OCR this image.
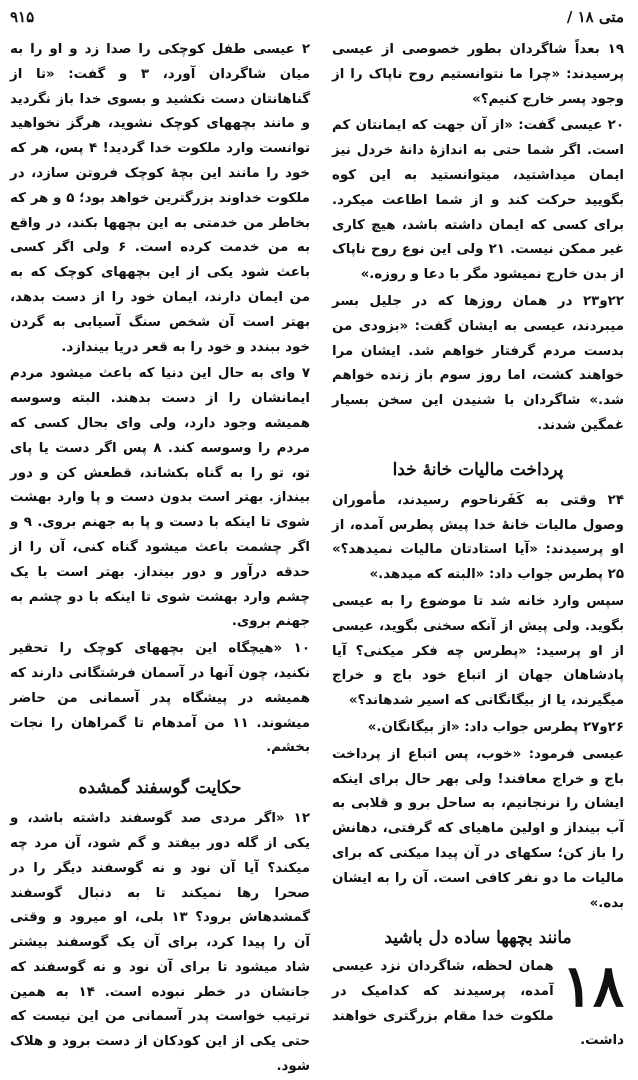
۹۱۵	متی ۱۸ /

۱۹ بعداً شاگردان بطور خصوصی از عیسی پرسیدند: «چرا ما نتوانستیم روح ناپاک را از وجود پسر خارج کنیم؟»

۲۰ عیسی گفت: «از آن جهت که ایمانتان کم است. اگر شما حتی به اندازهٔ دانهٔ خردل نیز ایمان میداشتید، میتوانستید به این کوه بگویید حرکت کند و از شما اطاعت میکرد. برای کسی که ایمان داشته باشد، هیچ کاری غیر ممکن نیست. ۲۱ ولی این نوع روح ناپاک از بدن خارج نمیشود مگر با دعا و روزه.»

۲۲و۲۳ در همان روزها که در جلیل بسر میبردند، عیسی به ایشان گفت: «بزودی من بدست مردم گرفتار خواهم شد. ایشان مرا خواهند کشت، اما روز سوم باز زنده خواهم شد.» شاگردان با شنیدن این سخن بسیار غمگین شدند.

پرداخت مالیات خانهٔ خدا

۲۴ وقتی به کَفَرناحوم رسیدند، مأموران وصول مالیات خانهٔ خدا پیش پطرس آمده، از او پرسیدند: «آیا استادتان مالیات نمیدهد؟» ۲۵ پطرس جواب داد: «البته که میدهد.»

سپس وارد خانه شد تا موضوع را به عیسی بگوید. ولی پیش از آنکه سخنی بگوید، عیسی از او پرسید: «پطرس چه فکر میکنی؟ آیا پادشاهان جهان از اتباع خود باج و خراج میگیرند، یا از بیگانگانی که اسیر شدهاند؟»

۲۶و۲۷ پطرس جواب داد: «از بیگانگان.»

عیسی فرمود: «خوب، پس اتباع از پرداخت باج و خراج معافند! ولی بهر حال برای اینکه ایشان را نرنجانیم، به ساحل برو و قلابی به آب بینداز و اولین ماهیای که گرفتی، دهانش را باز کن؛ سکهای در آن پیدا میکنی که برای مالیات ما دو نفر کافی است. آن را به ایشان بده.»

مانند بچهها ساده دل باشید
۱۸

همان لحظه، شاگردان نزد عیسی آمده، پرسیدند که کدامیک در ملکوت خدا مقام بزرگتری خواهند داشت.

۲ عیسی طفل کوچکی را صدا زد و او را به میان شاگردان آورد، ۳ و گفت: «تا از گناهانتان دست نکشید و بسوی خدا باز نگردید و مانند بچههای کوچک نشوید، هرگز نخواهید توانست وارد ملکوت خدا گردید! ۴ پس، هر که خود را مانند این بچهٔ کوچک فروتن سازد، در ملکوت خداوند بزرگترین خواهد بود؛ ۵ و هر که بخاطر من خدمتی به این بچهها بکند، در واقع به من خدمت کرده است. ۶ ولی اگر کسی باعث شود یکی از این بچههای کوچک که به من ایمان دارند، ایمان خود را از دست بدهد، بهتر است آن شخص سنگ آسیابی به گردن خود ببندد و خود را به قعر دریا بیندازد.

۷ وای به حال این دنیا که باعث میشود مردم ایمانشان را از دست بدهند. البته وسوسه همیشه وجود دارد، ولی وای بحال کسی که مردم را وسوسه کند. ۸ پس اگر دست یا پای تو، تو را به گناه بکشاند، قطعش کن و دور بینداز. بهتر است بدون دست و پا وارد بهشت شوی تا اینکه با دست و پا به جهنم بروی. ۹ و اگر چشمت باعث میشود گناه کنی، آن را از حدقه درآور و دور بینداز. بهتر است با یک چشم وارد بهشت شوی تا اینکه با دو چشم به جهنم بروی.

۱۰ «هیچگاه این بچههای کوچک را تحقیر نکنید، چون آنها در آسمان فرشتگانی دارند که همیشه در پیشگاه پدر آسمانی من حاضر میشوند. ۱۱ من آمدهام تا گمراهان را نجات بخشم.

حکایت گوسفند گمشده

۱۲ «اگر مردی صد گوسفند داشته باشد، و یکی از گله دور بیفتد و گم شود، آن مرد چه میکند؟ آیا آن نود و نه گوسفند دیگر را در صحرا رها نمیکند تا به دنبال گوسفند گمشدهاش برود؟ ۱۳ بلی، او میرود و وقتی آن را پیدا کرد، برای آن یک گوسفند بیشتر شاد میشود تا برای آن نود و نه گوسفند که جانشان در خطر نبوده است. ۱۴ به همین ترتیب خواست پدر آسمانی من این نیست که حتی یکی از این کودکان از دست برود و هلاک شود.
